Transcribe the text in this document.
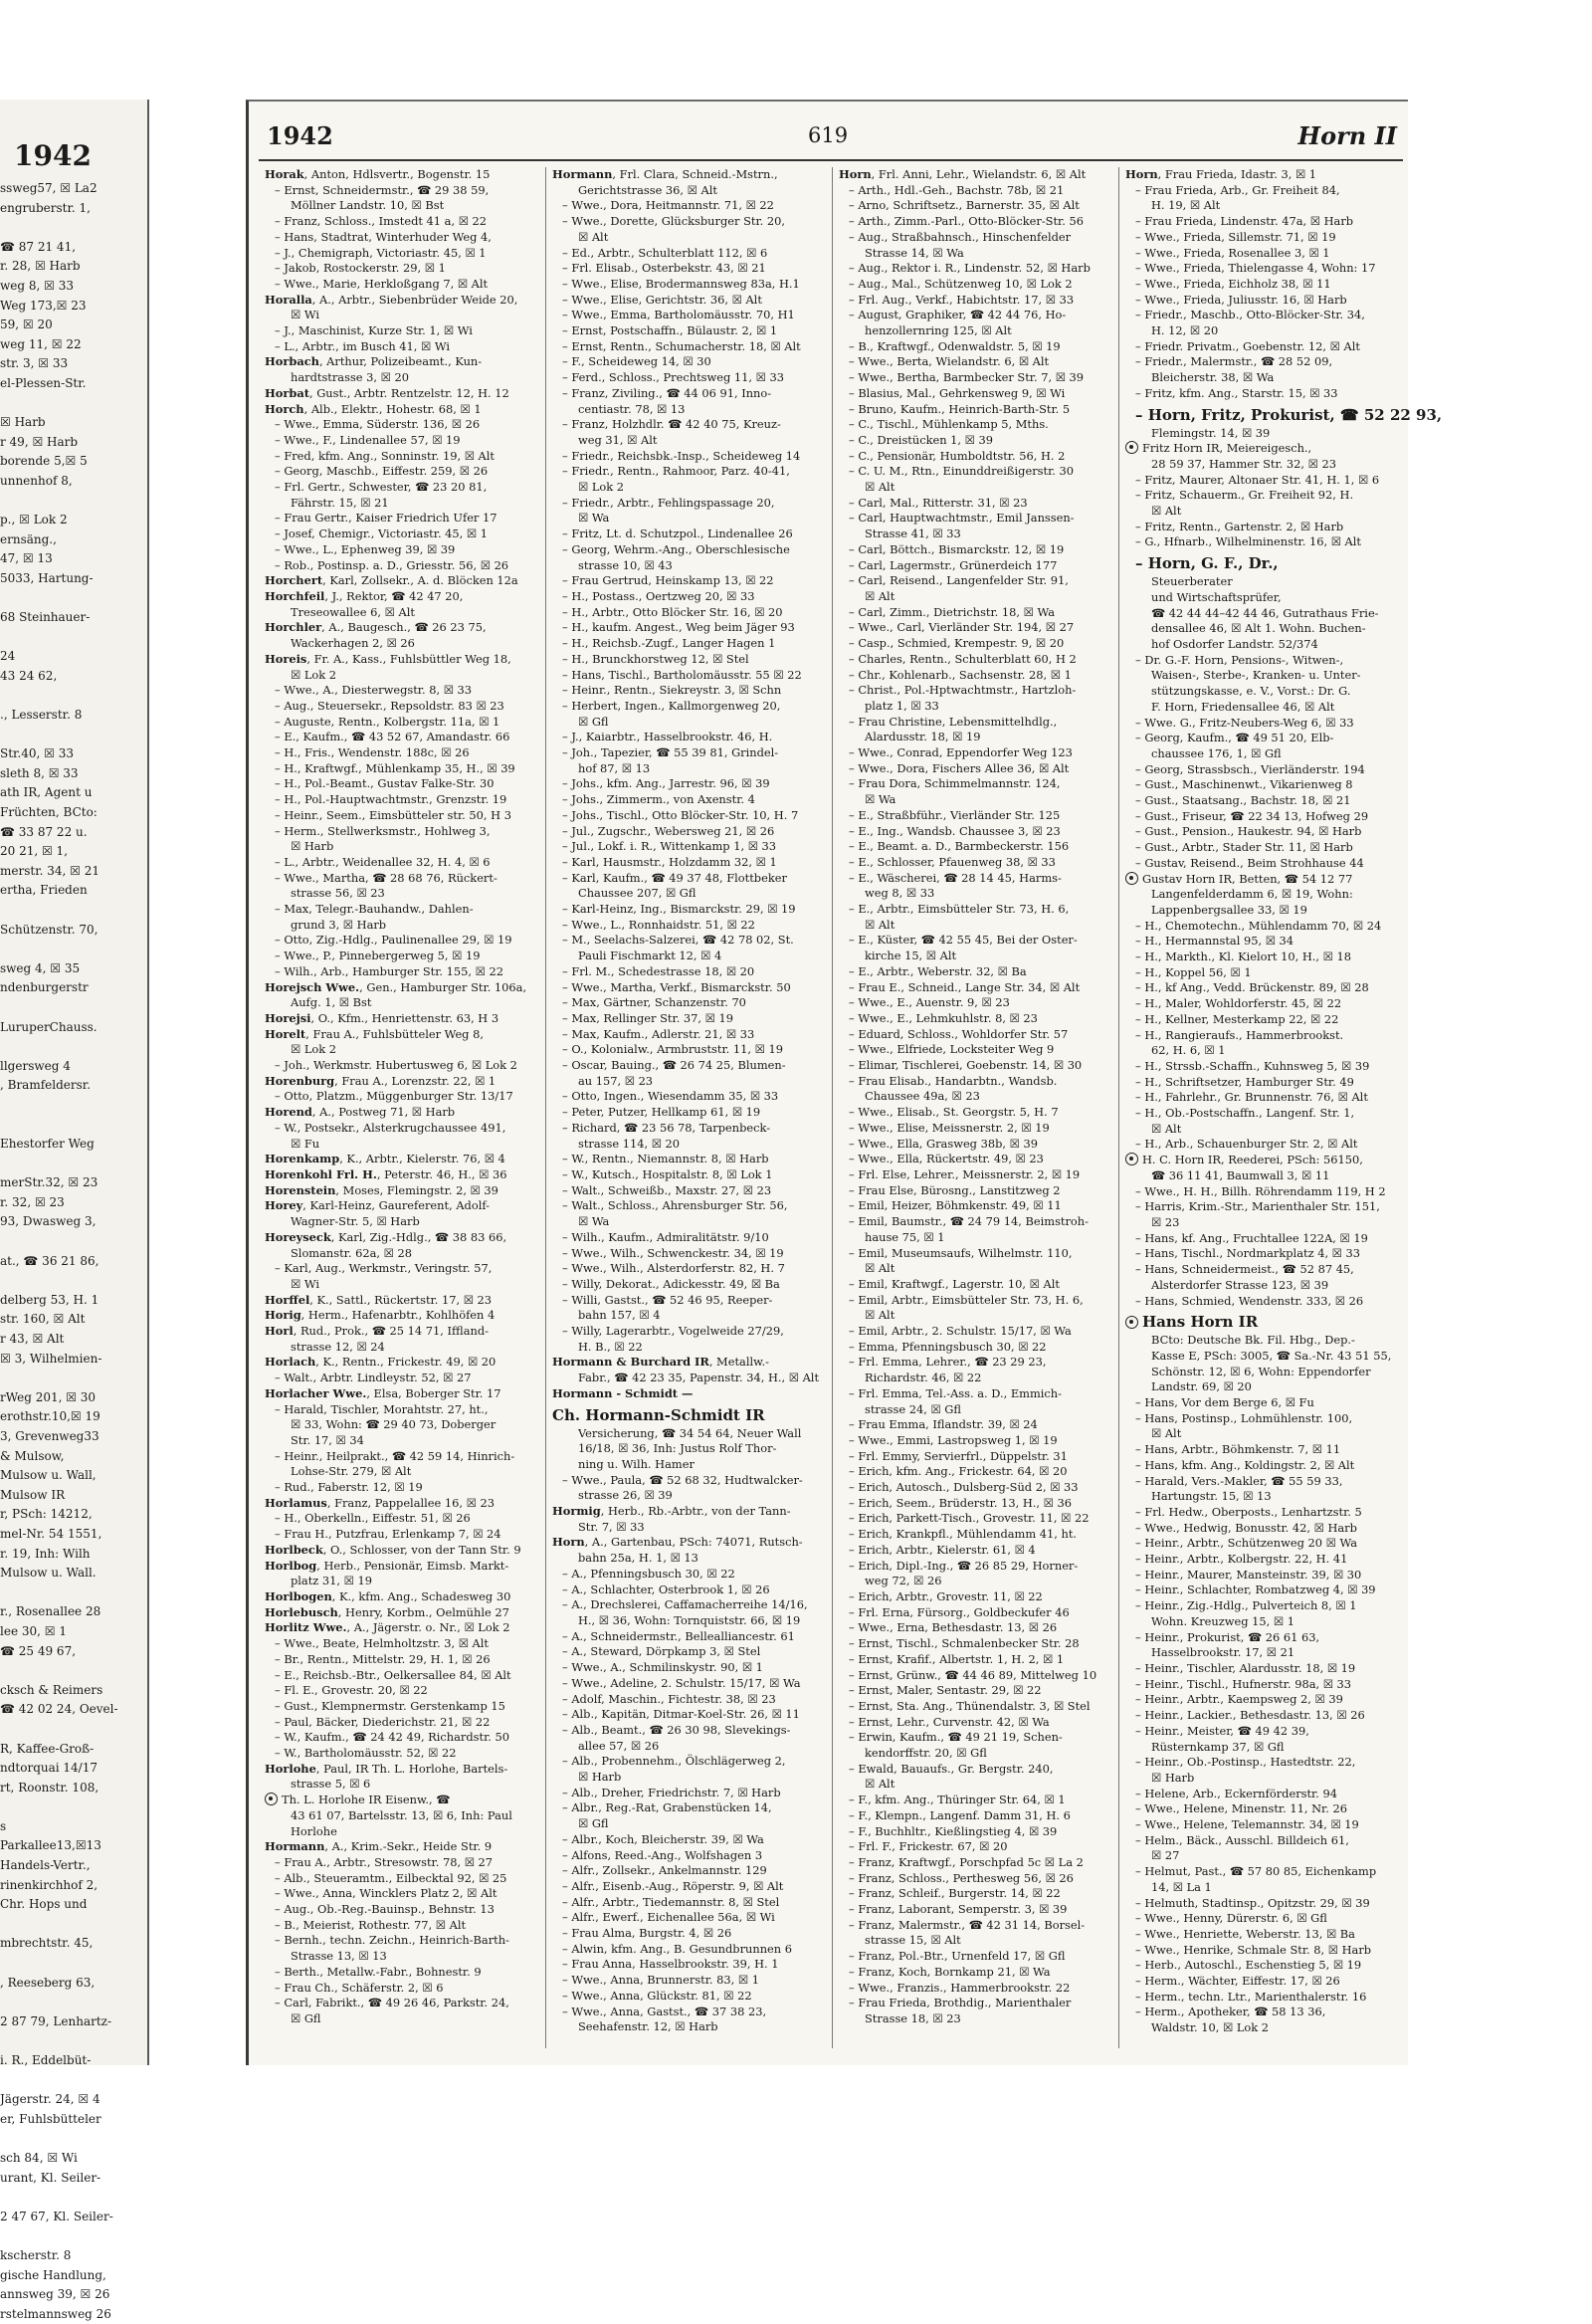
1942
ssweg57, ☒ La2
engruberstr. 1,

☎ 87 21 41,
r. 28, ☒ Harb
weg 8, ☒ 33
Weg 173,☒ 23
59, ☒ 20
weg 11, ☒ 22
str. 3, ☒ 33
el-Plessen-Str.

☒ Harb
r 49, ☒ Harb
borende 5,☒ 5
unnenhof 8,

p., ☒ Lok 2
ernsäng.,
47, ☒ 13
5033, Hartung-

68 Steinhauer-

24
43 24 62,

., Lesserstr. 8

Str.40, ☒ 33
sleth 8, ☒ 33
ath IR, Agent u
Früchten, BCto:
☎ 33 87 22 u.
20 21, ☒ 1,
merstr. 34, ☒ 21
ertha, Frieden

Schützenstr. 70,

sweg 4, ☒ 35
ndenburgerstr

LuruperChauss.

llgersweg 4
, Bramfeldersr.

Ehestorfer Weg

merStr.32, ☒ 23
r. 32, ☒ 23
93, Dwasweg 3,

at., ☎ 36 21 86,

delberg 53, H. 1
str. 160, ☒ Alt
r 43, ☒ Alt
☒ 3, Wilhelmien-

rWeg 201, ☒ 30
erothstr.10,☒ 19
3, Grevenweg33
& Mulsow,
Mulsow u. Wall,
Mulsow IR
r, PSch: 14212,
mel-Nr. 54 1551,
r. 19, Inh: Wilh
Mulsow u. Wall.

r., Rosenallee 28
lee 30, ☒ 1
☎ 25 49 67,

cksch & Reimers
☎ 42 02 24, Oevel-

R, Kaffee-Groß-
ndtorquai 14/17
rt, Roonstr. 108,

s
Parkallee13,☒13
Handels-Vertr.,
rinenkirchhof 2,
Chr. Hops und

mbrechtstr. 45,

, Reeseberg 63,

2 87 79, Lenhartz-

i. R., Eddelbüt-

Jägerstr. 24, ☒ 4
er, Fuhlsbütteler

sch 84, ☒ Wi
urant, Kl. Seiler-

2 47 67, Kl. Seiler-

kscherstr. 8
gische Handlung,
annsweg 39, ☒ 26
rstelmannsweg 26
1942	619	Horn II
Horak, Anton, Hdlsvertr., Bogenstr. 15
– Ernst, Schneidermstr., ☎ 29 38 59,
Möllner Landstr. 10, ☒ Bst
– Franz, Schloss., Imstedt 41 a, ☒ 22
– Hans, Stadtrat, Winterhuder Weg 4,
– J., Chemigraph, Victoriastr. 45, ☒ 1
– Jakob, Rostockerstr. 29, ☒ 1
– Wwe., Marie, Herkloßgang 7, ☒ Alt
Horalla, A., Arbtr., Siebenbrüder Weide 20,
☒ Wi
– J., Maschinist, Kurze Str. 1, ☒ Wi
– L., Arbtr., im Busch 41, ☒ Wi
Horbach, Arthur, Polizeibeamt., Kun-
hardtstrasse 3, ☒ 20
Horbat, Gust., Arbtr. Rentzelstr. 12, H. 12
Horch, Alb., Elektr., Hohestr. 68, ☒ 1
– Wwe., Emma, Süderstr. 136, ☒ 26
– Wwe., F., Lindenallee 57, ☒ 19
– Fred, kfm. Ang., Sonninstr. 19, ☒ Alt
– Georg, Maschb., Eiffestr. 259, ☒ 26
– Frl. Gertr., Schwester, ☎ 23 20 81,
Fährstr. 15, ☒ 21
– Frau Gertr., Kaiser Friedrich Ufer 17
– Josef, Chemigr., Victoriastr. 45, ☒ 1
– Wwe., L., Ephenweg 39, ☒ 39
– Rob., Postinsp. a. D., Griesstr. 56, ☒ 26
Horchert, Karl, Zollsekr., A. d. Blöcken 12a
Horchfeil, J., Rektor, ☎ 42 47 20,
Treseowallee 6, ☒ Alt
Horchler, A., Baugesch., ☎ 26 23 75,
Wackerhagen 2, ☒ 26
Horeis, Fr. A., Kass., Fuhlsbüttler Weg 18,
☒ Lok 2
– Wwe., A., Diesterwegstr. 8, ☒ 33
– Aug., Steuersekr., Repsoldstr. 83 ☒ 23
– Auguste, Rentn., Kolbergstr. 11a, ☒ 1
– E., Kaufm., ☎ 43 52 67, Amandastr. 66
– H., Fris., Wendenstr. 188c, ☒ 26
– H., Kraftwgf., Mühlenkamp 35, H., ☒ 39
– H., Pol.-Beamt., Gustav Falke-Str. 30
– H., Pol.-Hauptwachtmstr., Grenzstr. 19
– Heinr., Seem., Eimsbütteler str. 50, H 3
– Herm., Stellwerksmstr., Hohlweg 3,
☒ Harb
– L., Arbtr., Weidenallee 32, H. 4, ☒ 6
– Wwe., Martha, ☎ 28 68 76, Rückert-
strasse 56, ☒ 23
– Max, Telegr.-Bauhandw., Dahlen-
grund 3, ☒ Harb
– Otto, Zig.-Hdlg., Paulinenallee 29, ☒ 19
– Wwe., P., Pinnebergerweg 5, ☒ 19
– Wilh., Arb., Hamburger Str. 155, ☒ 22
Horejsch Wwe., Gen., Hamburger Str. 106a,
Aufg. 1, ☒ Bst
Horejsi, O., Kfm., Henriettenstr. 63, H 3
Horelt, Frau A., Fuhlsbütteler Weg 8,
☒ Lok 2
– Joh., Werkmstr. Hubertusweg 6, ☒ Lok 2
Horenburg, Frau A., Lorenzstr. 22, ☒ 1
– Otto, Platzm., Müggenburger Str. 13/17
Horend, A., Postweg 71, ☒ Harb
– W., Postsekr., Alsterkrugchaussee 491,
☒ Fu
Horenkamp, K., Arbtr., Kielerstr. 76, ☒ 4
Horenkohl Frl. H., Peterstr. 46, H., ☒ 36
Horenstein, Moses, Flemingstr. 2, ☒ 39
Horey, Karl-Heinz, Gaureferent, Adolf-
Wagner-Str. 5, ☒ Harb
Horeyseck, Karl, Zig.-Hdlg., ☎ 38 83 66,
Slomanstr. 62a, ☒ 28
– Karl, Aug., Werkmstr., Veringstr. 57,
☒ Wi
Horffel, K., Sattl., Rückertstr. 17, ☒ 23
Horig, Herm., Hafenarbtr., Kohlhöfen 4
Horl, Rud., Prok., ☎ 25 14 71, Iffland-
strasse 12, ☒ 24
Horlach, K., Rentn., Frickestr. 49, ☒ 20
– Walt., Arbtr. Lindleystr. 52, ☒ 27
Horlacher Wwe., Elsa, Boberger Str. 17
– Harald, Tischler, Morahtstr. 27, ht.,
☒ 33, Wohn: ☎ 29 40 73, Doberger
Str. 17, ☒ 34
– Heinr., Heilprakt., ☎ 42 59 14, Hinrich-
Lohse-Str. 279, ☒ Alt
– Rud., Faberstr. 12, ☒ 19
Horlamus, Franz, Pappelallee 16, ☒ 23
– H., Oberkelln., Eiffestr. 51, ☒ 26
– Frau H., Putzfrau, Erlenkamp 7, ☒ 24
Horlbeck, O., Schlosser, von der Tann Str. 9
Horlbog, Herb., Pensionär, Eimsb. Markt-
platz 31, ☒ 19
Horlbogen, K., kfm. Ang., Schadesweg 30
Horlebusch, Henry, Korbm., Oelmühle 27
Horlitz Wwe., A., Jägerstr. o. Nr., ☒ Lok 2
– Wwe., Beate, Helmholtzstr. 3, ☒ Alt
– Br., Rentn., Mittelstr. 29, H. 1, ☒ 26
– E., Reichsb.-Btr., Oelkersallee 84, ☒ Alt
– Fl. E., Grovestr. 20, ☒ 22
– Gust., Klempnermstr. Gerstenkamp 15
– Paul, Bäcker, Diederichstr. 21, ☒ 22
– W., Kaufm., ☎ 24 42 49, Richardstr. 50
– W., Bartholomäusstr. 52, ☒ 22
Horlohe, Paul, IR Th. L. Horlohe, Bartels-
strasse 5, ☒ 6
Th. L. Horlohe IR Eisenw., ☎
43 61 07, Bartelsstr. 13, ☒ 6, Inh: Paul
Horlohe
Hormann, A., Krim.-Sekr., Heide Str. 9
– Frau A., Arbtr., Stresowstr. 78, ☒ 27
– Alb., Steueramtm., Eilbecktal 92, ☒ 25
– Wwe., Anna, Wincklers Platz 2, ☒ Alt
– Aug., Ob.-Reg.-Bauinsp., Behnstr. 13
– B., Meierist, Rothestr. 77, ☒ Alt
– Bernh., techn. Zeichn., Heinrich-Barth-
Strasse 13, ☒ 13
– Berth., Metallw.-Fabr., Bohnestr. 9
– Frau Ch., Schäferstr. 2, ☒ 6
– Carl, Fabrikt., ☎ 49 26 46, Parkstr. 24,
☒ Gfl
Hormann, Frl. Clara, Schneid.-Mstrn.,
Gerichtstrasse 36, ☒ Alt
– Wwe., Dora, Heitmannstr. 71, ☒ 22
– Wwe., Dorette, Glücksburger Str. 20,
☒ Alt
– Ed., Arbtr., Schulterblatt 112, ☒ 6
– Frl. Elisab., Osterbekstr. 43, ☒ 21
– Wwe., Elise, Brodermannsweg 83a, H.1
– Wwe., Elise, Gerichtstr. 36, ☒ Alt
– Wwe., Emma, Bartholomäusstr. 70, H1
– Ernst, Postschaffn., Bülaustr. 2, ☒ 1
– Ernst, Rentn., Schumacherstr. 18, ☒ Alt
– F., Scheideweg 14, ☒ 30
– Ferd., Schloss., Prechtsweg 11, ☒ 33
– Franz, Ziviling., ☎ 44 06 91, Inno-
centiastr. 78, ☒ 13
– Franz, Holzhdlr. ☎ 42 40 75, Kreuz-
weg 31, ☒ Alt
– Friedr., Reichsbk.-Insp., Scheideweg 14
– Friedr., Rentn., Rahmoor, Parz. 40-41,
☒ Lok 2
– Friedr., Arbtr., Fehlingspassage 20,
☒ Wa
– Fritz, Lt. d. Schutzpol., Lindenallee 26
– Georg, Wehrm.-Ang., Oberschlesische
strasse 10, ☒ 43
– Frau Gertrud, Heinskamp 13, ☒ 22
– H., Postass., Oertzweg 20, ☒ 33
– H., Arbtr., Otto Blöcker Str. 16, ☒ 20
– H., kaufm. Angest., Weg beim Jäger 93
– H., Reichsb.-Zugf., Langer Hagen 1
– H., Brunckhorstweg 12, ☒ Stel
– Hans, Tischl., Bartholomäusstr. 55 ☒ 22
– Heinr., Rentn., Siekreystr. 3, ☒ Schn
– Herbert, Ingen., Kallmorgenweg 20,
☒ Gfl
– J., Kaiarbtr., Hasselbrookstr. 46, H.
– Joh., Tapezier, ☎ 55 39 81, Grindel-
hof 87, ☒ 13
– Johs., kfm. Ang., Jarrestr. 96, ☒ 39
– Johs., Zimmerm., von Axenstr. 4
– Johs., Tischl., Otto Blöcker-Str. 10, H. 7
– Jul., Zugschr., Webersweg 21, ☒ 26
– Jul., Lokf. i. R., Wittenkamp 1, ☒ 33
– Karl, Hausmstr., Holzdamm 32, ☒ 1
– Karl, Kaufm., ☎ 49 37 48, Flottbeker
Chaussee 207, ☒ Gfl
– Karl-Heinz, Ing., Bismarckstr. 29, ☒ 19
– Wwe., L., Ronnhaidstr. 51, ☒ 22
– M., Seelachs-Salzerei, ☎ 42 78 02, St.
Pauli Fischmarkt 12, ☒ 4
– Frl. M., Schedestrasse 18, ☒ 20
– Wwe., Martha, Verkf., Bismarckstr. 50
– Max, Gärtner, Schanzenstr. 70
– Max, Rellinger Str. 37, ☒ 19
– Max, Kaufm., Adlerstr. 21, ☒ 33
– O., Kolonialw., Armbruststr. 11, ☒ 19
– Oscar, Bauing., ☎ 26 74 25, Blumen-
au 157, ☒ 23
– Otto, Ingen., Wiesendamm 35, ☒ 33
– Peter, Putzer, Hellkamp 61, ☒ 19
– Richard, ☎ 23 56 78, Tarpenbeck-
strasse 114, ☒ 20
– W., Rentn., Niemannstr. 8, ☒ Harb
– W., Kutsch., Hospitalstr. 8, ☒ Lok 1
– Walt., Schweißb., Maxstr. 27, ☒ 23
– Walt., Schloss., Ahrensburger Str. 56,
☒ Wa
– Wilh., Kaufm., Admiralitätstr. 9/10
– Wwe., Wilh., Schwenckestr. 34, ☒ 19
– Wwe., Wilh., Alsterdorferstr. 82, H. 7
– Willy, Dekorat., Adickesstr. 49, ☒ Ba
– Willi, Gastst., ☎ 52 46 95, Reeper-
bahn 157, ☒ 4
– Willy, Lagerarbtr., Vogelweide 27/29,
H. B., ☒ 22
Hormann & Burchard IR, Metallw.-
Fabr., ☎ 42 23 35, Papenstr. 34, H., ☒ Alt
Hormann - Schmidt —
Ch. Hormann-Schmidt IR
Versicherung, ☎ 34 54 64, Neuer Wall
16/18, ☒ 36, Inh: Justus Rolf Thor-
ning u. Wilh. Hamer
– Wwe., Paula, ☎ 52 68 32, Hudtwalcker-
strasse 26, ☒ 39
Hormig, Herb., Rb.-Arbtr., von der Tann-
Str. 7, ☒ 33
Horn, A., Gartenbau, PSch: 74071, Rutsch-
bahn 25a, H. 1, ☒ 13
– A., Pfenningsbusch 30, ☒ 22
– A., Schlachter, Osterbrook 1, ☒ 26
– A., Drechslerei, Caffamacherreihe 14/16,
H., ☒ 36, Wohn: Tornquiststr. 66, ☒ 19
– A., Schneidermstr., Bellealliancestr. 61
– A., Steward, Dörpkamp 3, ☒ Stel
– Wwe., A., Schmilinskystr. 90, ☒ 1
– Wwe., Adeline, 2. Schulstr. 15/17, ☒ Wa
– Adolf, Maschin., Fichtestr. 38, ☒ 23
– Alb., Kapitän, Ditmar-Koel-Str. 26, ☒ 11
– Alb., Beamt., ☎ 26 30 98, Slevekings-
allee 57, ☒ 26
– Alb., Probennehm., Ölschlägerweg 2,
☒ Harb
– Alb., Dreher, Friedrichstr. 7, ☒ Harb
– Albr., Reg.-Rat, Grabenstücken 14,
☒ Gfl
– Albr., Koch, Bleicherstr. 39, ☒ Wa
– Alfons, Reed.-Ang., Wolfshagen 3
– Alfr., Zollsekr., Ankelmannstr. 129
– Alfr., Eisenb.-Aug., Röperstr. 9, ☒ Alt
– Alfr., Arbtr., Tiedemannstr. 8, ☒ Stel
– Alfr., Ewerf., Eichenallee 56a, ☒ Wi
– Frau Alma, Burgstr. 4, ☒ 26
– Alwin, kfm. Ang., B. Gesundbrunnen 6
– Frau Anna, Hasselbrookstr. 39, H. 1
– Wwe., Anna, Brunnerstr. 83, ☒ 1
– Wwe., Anna, Glückstr. 81, ☒ 22
– Wwe., Anna, Gastst., ☎ 37 38 23,
Seehafenstr. 12, ☒ Harb
Horn, Frl. Anni, Lehr., Wielandstr. 6, ☒ Alt
– Arth., Hdl.-Geh., Bachstr. 78b, ☒ 21
– Arno, Schriftsetz., Barnerstr. 35, ☒ Alt
– Arth., Zimm.-Parl., Otto-Blöcker-Str. 56
– Aug., Straßbahnsch., Hinschenfelder
Strasse 14, ☒ Wa
– Aug., Rektor i. R., Lindenstr. 52, ☒ Harb
– Aug., Mal., Schützenweg 10, ☒ Lok 2
– Frl. Aug., Verkf., Habichtstr. 17, ☒ 33
– August, Graphiker, ☎ 42 44 76, Ho-
henzollernring 125, ☒ Alt
– B., Kraftwgf., Odenwaldstr. 5, ☒ 19
– Wwe., Berta, Wielandstr. 6, ☒ Alt
– Wwe., Bertha, Barmbecker Str. 7, ☒ 39
– Blasius, Mal., Gehrkensweg 9, ☒ Wi
– Bruno, Kaufm., Heinrich-Barth-Str. 5
– C., Tischl., Mühlenkamp 5, Mths.
– C., Dreistücken 1, ☒ 39
– C., Pensionär, Humboldtstr. 56, H. 2
– C. U. M., Rtn., Einunddreißigerstr. 30
☒ Alt
– Carl, Mal., Ritterstr. 31, ☒ 23
– Carl, Hauptwachtmstr., Emil Janssen-
Strasse 41, ☒ 33
– Carl, Böttch., Bismarckstr. 12, ☒ 19
– Carl, Lagermstr., Grünerdeich 177
– Carl, Reisend., Langenfelder Str. 91,
☒ Alt
– Carl, Zimm., Dietrichstr. 18, ☒ Wa
– Wwe., Carl, Vierländer Str. 194, ☒ 27
– Casp., Schmied, Krempestr. 9, ☒ 20
– Charles, Rentn., Schulterblatt 60, H 2
– Chr., Kohlenarb., Sachsenstr. 28, ☒ 1
– Christ., Pol.-Hptwachtmstr., Hartzloh-
platz 1, ☒ 33
– Frau Christine, Lebensmittelhdlg.,
Alardusstr. 18, ☒ 19
– Wwe., Conrad, Eppendorfer Weg 123
– Wwe., Dora, Fischers Allee 36, ☒ Alt
– Frau Dora, Schimmelmannstr. 124,
☒ Wa
– E., Straßbführ., Vierländer Str. 125
– E., Ing., Wandsb. Chaussee 3, ☒ 23
– E., Beamt. a. D., Barmbeckerstr. 156
– E., Schlosser, Pfauenweg 38, ☒ 33
– E., Wäscherei, ☎ 28 14 45, Harms-
weg 8, ☒ 33
– E., Arbtr., Eimsbütteler Str. 73, H. 6,
☒ Alt
– E., Küster, ☎ 42 55 45, Bei der Oster-
kirche 15, ☒ Alt
– E., Arbtr., Weberstr. 32, ☒ Ba
– Frau E., Schneid., Lange Str. 34, ☒ Alt
– Wwe., E., Auenstr. 9, ☒ 23
– Wwe., E., Lehmkuhlstr. 8, ☒ 23
– Eduard, Schloss., Wohldorfer Str. 57
– Wwe., Elfriede, Locksteiter Weg 9
– Elimar, Tischlerei, Goebenstr. 14, ☒ 30
– Frau Elisab., Handarbtn., Wandsb.
Chaussee 49a, ☒ 23
– Wwe., Elisab., St. Georgstr. 5, H. 7
– Wwe., Elise, Meissnerstr. 2, ☒ 19
– Wwe., Ella, Grasweg 38b, ☒ 39
– Wwe., Ella, Rückertstr. 49, ☒ 23
– Frl. Else, Lehrer., Meissnerstr. 2, ☒ 19
– Frau Else, Bürosng., Lanstitzweg 2
– Emil, Heizer, Böhmkenstr. 49, ☒ 11
– Emil, Baumstr., ☎ 24 79 14, Beimstroh-
hause 75, ☒ 1
– Emil, Museumsaufs, Wilhelmstr. 110,
☒ Alt
– Emil, Kraftwgf., Lagerstr. 10, ☒ Alt
– Emil, Arbtr., Eimsbütteler Str. 73, H. 6,
☒ Alt
– Emil, Arbtr., 2. Schulstr. 15/17, ☒ Wa
– Emma, Pfenningsbusch 30, ☒ 22
– Frl. Emma, Lehrer., ☎ 23 29 23,
Richardstr. 46, ☒ 22
– Frl. Emma, Tel.-Ass. a. D., Emmich-
strasse 24, ☒ Gfl
– Frau Emma, Iflandstr. 39, ☒ 24
– Wwe., Emmi, Lastropsweg 1, ☒ 19
– Frl. Emmy, Servierfrl., Düppelstr. 31
– Erich, kfm. Ang., Frickestr. 64, ☒ 20
– Erich, Autosch., Dulsberg-Süd 2, ☒ 33
– Erich, Seem., Brüderstr. 13, H., ☒ 36
– Erich, Parkett-Tisch., Grovestr. 11, ☒ 22
– Erich, Krankpfl., Mühlendamm 41, ht.
– Erich, Arbtr., Kielerstr. 61, ☒ 4
– Erich, Dipl.-Ing., ☎ 26 85 29, Horner-
weg 72, ☒ 26
– Erich, Arbtr., Grovestr. 11, ☒ 22
– Frl. Erna, Fürsorg., Goldbeckufer 46
– Wwe., Erna, Bethesdastr. 13, ☒ 26
– Ernst, Tischl., Schmalenbecker Str. 28
– Ernst, Krafif., Albertstr. 1, H. 2, ☒ 1
– Ernst, Grünw., ☎ 44 46 89, Mittelweg 10
– Ernst, Maler, Sentastr. 29, ☒ 22
– Ernst, Sta. Ang., Thünendalstr. 3, ☒ Stel
– Ernst, Lehr., Curvenstr. 42, ☒ Wa
– Erwin, Kaufm., ☎ 49 21 19, Schen-
kendorffstr. 20, ☒ Gfl
– Ewald, Bauaufs., Gr. Bergstr. 240,
☒ Alt
– F., kfm. Ang., Thüringer Str. 64, ☒ 1
– F., Klempn., Langenf. Damm 31, H. 6
– F., Buchhltr., Kießlingstieg 4, ☒ 39
– Frl. F., Frickestr. 67, ☒ 20
– Franz, Kraftwgf., Porschpfad 5c ☒ La 2
– Franz, Schloss., Perthesweg 56, ☒ 26
– Franz, Schleif., Burgerstr. 14, ☒ 22
– Franz, Laborant, Semperstr. 3, ☒ 39
– Franz, Malermstr., ☎ 42 31 14, Borsel-
strasse 15, ☒ Alt
– Franz, Pol.-Btr., Urnenfeld 17, ☒ Gfl
– Franz, Koch, Bornkamp 21, ☒ Wa
– Wwe., Franzis., Hammerbrookstr. 22
– Frau Frieda, Brothdig., Marienthaler
Strasse 18, ☒ 23
Horn, Frau Frieda, Idastr. 3, ☒ 1
– Frau Frieda, Arb., Gr. Freiheit 84,
H. 19, ☒ Alt
– Frau Frieda, Lindenstr. 47a, ☒ Harb
– Wwe., Frieda, Sillemstr. 71, ☒ 19
– Wwe., Frieda, Rosenallee 3, ☒ 1
– Wwe., Frieda, Thielengasse 4, Wohn: 17
– Wwe., Frieda, Eichholz 38, ☒ 11
– Wwe., Frieda, Juliusstr. 16, ☒ Harb
– Friedr., Maschb., Otto-Blöcker-Str. 34,
H. 12, ☒ 20
– Friedr. Privatm., Goebenstr. 12, ☒ Alt
– Friedr., Malermstr., ☎ 28 52 09,
Bleicherstr. 38, ☒ Wa
– Fritz, kfm. Ang., Starstr. 15, ☒ 33
– Horn, Fritz, Prokurist, ☎ 52 22 93,
Flemingstr. 14, ☒ 39
Fritz Horn IR, Meiereigesch.,
28 59 37, Hammer Str. 32, ☒ 23
– Fritz, Maurer, Altonaer Str. 41, H. 1, ☒ 6
– Fritz, Schauerm., Gr. Freiheit 92, H.
☒ Alt
– Fritz, Rentn., Gartenstr. 2, ☒ Harb
– G., Hfnarb., Wilhelminenstr. 16, ☒ Alt
– Horn, G. F., Dr.,
Steuerberater
und Wirtschaftsprüfer,
☎ 42 44 44–42 44 46, Gutrathaus Frie-
densallee 46, ☒ Alt 1. Wohn. Buchen-
hof Osdorfer Landstr. 52/374
– Dr. G.-F. Horn, Pensions-, Witwen-,
Waisen-, Sterbe-, Kranken- u. Unter-
stützungskasse, e. V., Vorst.: Dr. G.
F. Horn, Friedensallee 46, ☒ Alt
– Wwe. G., Fritz-Neubers-Weg 6, ☒ 33
– Georg, Kaufm., ☎ 49 51 20, Elb-
chaussee 176, 1, ☒ Gfl
– Georg, Strassbsch., Vierländerstr. 194
– Gust., Maschinenwt., Vikarienweg 8
– Gust., Staatsang., Bachstr. 18, ☒ 21
– Gust., Friseur, ☎ 22 34 13, Hofweg 29
– Gust., Pension., Haukestr. 94, ☒ Harb
– Gust., Arbtr., Stader Str. 11, ☒ Harb
– Gustav, Reisend., Beim Strohhause 44
Gustav Horn IR, Betten, ☎ 54 12 77
Langenfelderdamm 6, ☒ 19, Wohn:
Lappenbergsallee 33, ☒ 19
– H., Chemotechn., Mühlendamm 70, ☒ 24
– H., Hermannstal 95, ☒ 34
– H., Markth., Kl. Kielort 10, H., ☒ 18
– H., Koppel 56, ☒ 1
– H., kf Ang., Vedd. Brückenstr. 89, ☒ 28
– H., Maler, Wohldorferstr. 45, ☒ 22
– H., Kellner, Mesterkamp 22, ☒ 22
– H., Rangieraufs., Hammerbrookst.
62, H. 6, ☒ 1
– H., Strssb.-Schaffn., Kuhnsweg 5, ☒ 39
– H., Schriftsetzer, Hamburger Str. 49
– H., Fahrlehr., Gr. Brunnenstr. 76, ☒ Alt
– H., Ob.-Postschaffn., Langenf. Str. 1,
☒ Alt
– H., Arb., Schauenburger Str. 2, ☒ Alt
H. C. Horn IR, Reederei, PSch: 56150,
☎ 36 11 41, Baumwall 3, ☒ 11
– Wwe., H. H., Billh. Röhrendamm 119, H 2
– Harris, Krim.-Str., Marienthaler Str. 151,
☒ 23
– Hans, kf. Ang., Fruchtallee 122A, ☒ 19
– Hans, Tischl., Nordmarkplatz 4, ☒ 33
– Hans, Schneidermeist., ☎ 52 87 45,
Alsterdorfer Strasse 123, ☒ 39
– Hans, Schmied, Wendenstr. 333, ☒ 26
Hans Horn IR
BCto: Deutsche Bk. Fil. Hbg., Dep.-
Kasse E, PSch: 3005, ☎ Sa.-Nr. 43 51 55,
Schönstr. 12, ☒ 6, Wohn: Eppendorfer
Landstr. 69, ☒ 20
– Hans, Vor dem Berge 6, ☒ Fu
– Hans, Postinsp., Lohmühlenstr. 100,
☒ Alt
– Hans, Arbtr., Böhmkenstr. 7, ☒ 11
– Hans, kfm. Ang., Koldingstr. 2, ☒ Alt
– Harald, Vers.-Makler, ☎ 55 59 33,
Hartungstr. 15, ☒ 13
– Frl. Hedw., Oberposts., Lenhartzstr. 5
– Wwe., Hedwig, Bonusstr. 42, ☒ Harb
– Heinr., Arbtr., Schützenweg 20 ☒ Wa
– Heinr., Arbtr., Kolbergstr. 22, H. 41
– Heinr., Maurer, Mansteinstr. 39, ☒ 30
– Heinr., Schlachter, Rombatzweg 4, ☒ 39
– Heinr., Zig.-Hdlg., Pulverteich 8, ☒ 1
Wohn. Kreuzweg 15, ☒ 1
– Heinr., Prokurist, ☎ 26 61 63,
Hasselbrookstr. 17, ☒ 21
– Heinr., Tischler, Alardusstr. 18, ☒ 19
– Heinr., Tischl., Hufnerstr. 98a, ☒ 33
– Heinr., Arbtr., Kaempsweg 2, ☒ 39
– Heinr., Lackier., Bethesdastr. 13, ☒ 26
– Heinr., Meister, ☎ 49 42 39,
Rüsternkamp 37, ☒ Gfl
– Heinr., Ob.-Postinsp., Hastedtstr. 22,
☒ Harb
– Helene, Arb., Eckernförderstr. 94
– Wwe., Helene, Minenstr. 11, Nr. 26
– Wwe., Helene, Telemannstr. 34, ☒ 19
– Helm., Bäck., Ausschl. Billdeich 61,
☒ 27
– Helmut, Past., ☎ 57 80 85, Eichenkamp
14, ☒ La 1
– Helmuth, Stadtinsp., Opitzstr. 29, ☒ 39
– Wwe., Henny, Dürerstr. 6, ☒ Gfl
– Wwe., Henriette, Weberstr. 13, ☒ Ba
– Wwe., Henrike, Schmale Str. 8, ☒ Harb
– Herb., Autoschl., Eschenstieg 5, ☒ 19
– Herm., Wächter, Eiffestr. 17, ☒ 26
– Herm., techn. Ltr., Marienthalerstr. 16
– Herm., Apotheker, ☎ 58 13 36,
Waldstr. 10, ☒ Lok 2
